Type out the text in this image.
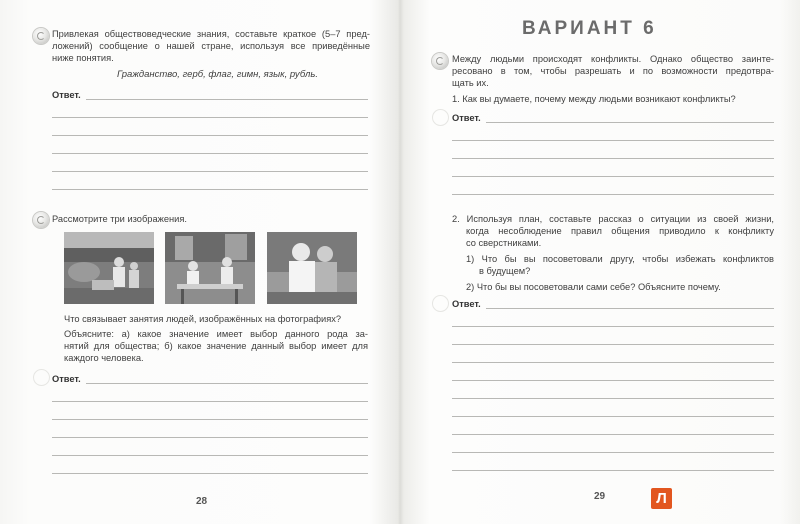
Привлекая обществоведческие знания, составьте краткое (5–7 пред-
ложений) сообщение о нашей стране, используя все приведённые
ниже понятия.
Гражданство, герб, флаг, гимн, язык, рубль.
Ответ.
Рассмотрите три изображения.
Что связывает занятия людей, изображённых на фотографиях?
Объясните: а) какое значение имеет выбор данного рода за-
нятий для общества; б) какое значение данный выбор имеет для
каждого человека.
Ответ.
28
ВАРИАНТ 6
Между людьми происходят конфликты. Однако общество заинте-
ресовано в том, чтобы разрешать и по возможности предотвра-
щать их.
1. Как вы думаете, почему между людьми возникают конфликты?
Ответ.
2. Используя план, составьте рассказ о ситуации из своей жизни,
когда несоблюдение правил общения приводило к конфликту
со сверстниками.
1) Что бы вы посоветовали другу, чтобы избежать конфликтов
в будущем?
2) Что бы вы посоветовали сами себе? Объясните почему.
Ответ.
29	Л
